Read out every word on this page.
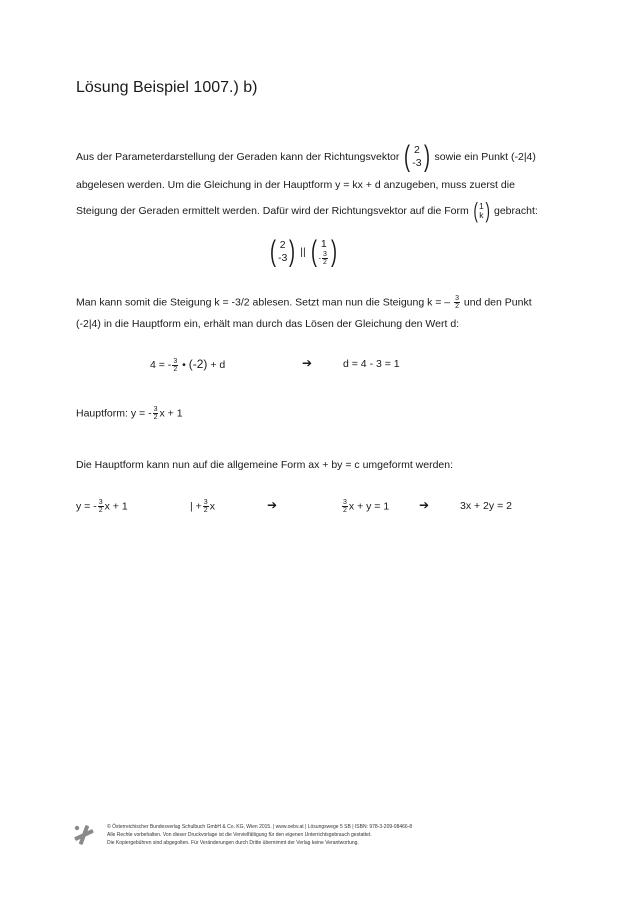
Lösung Beispiel 1007.) b)
Aus der Parameterdarstellung der Geraden kann der Richtungsvektor ( 2
-3 ) sowie ein Punkt (-2|4)
abgelesen werden. Um die Gleichung in der Hauptform y = kx + d anzugeben, muss zuerst die
Steigung der Geraden ermittelt werden. Dafür wird der Richtungsvektor auf die Form ( 1
k ) gebracht:
( 2
-3 ) || ( 1
- $\frac{3}{2}$ )
Man kann somit die Steigung k = -3/2 ablesen. Setzt man nun die Steigung k = – $\frac{3}{2}$ und den Punkt
(-2|4) in die Hauptform ein, erhält man durch das Lösen der Gleichung den Wert d:
4 = - $\frac{3}{2}$ • (-2) + d	➔	d = 4 - 3 = 1
Hauptform: y = - $\frac{3}{2}$ x + 1
Die Hauptform kann nun auf die allgemeine Form ax + by = c umgeformt werden:
y = - $\frac{3}{2}$ x + 1	| + $\frac{3}{2}$ x	➔	$\frac{3}{2}$ x + y = 1 ➔	3x + 2y = 2
© Österreichischer Bundesverlag Schulbuch GmbH & Co. KG, Wien 2015. | www.oebv.at | Lösungswege 5 SB | ISBN: 978-3-209-08466-8
Alle Rechte vorbehalten. Von dieser Druckvorlage ist die Vervielfältigung für den eigenen Unterrichtsgebrauch gestattet.
Die Kopiergebühren sind abgegolten. Für Veränderungen durch Dritte übernimmt der Verlag keine Verantwortung.
